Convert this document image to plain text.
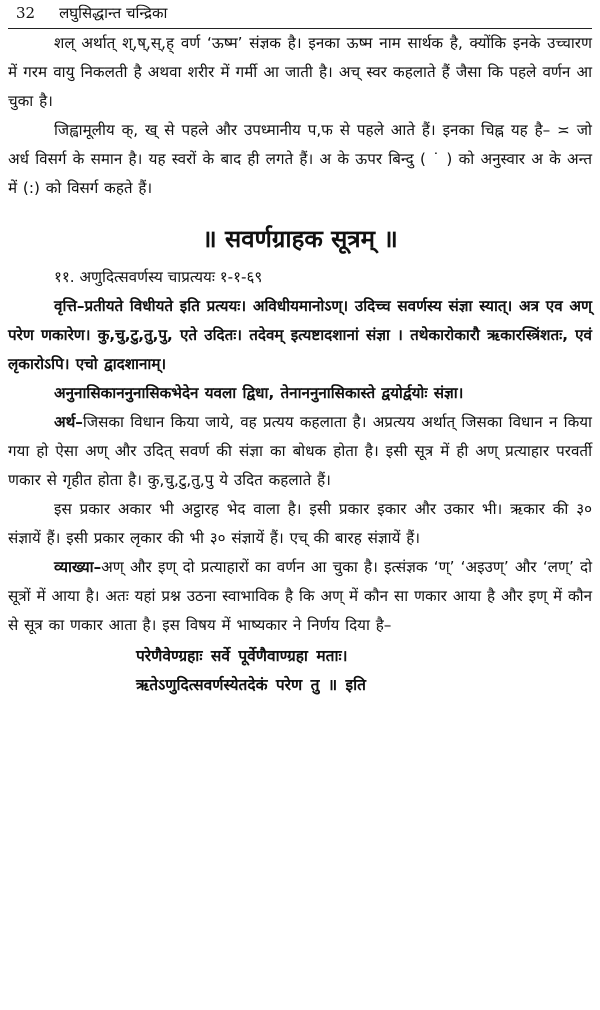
32 लघुसिद्धान्त चन्द्रिका

शल् अर्थात् श्,ष्,स्,ह् वर्ण ‘ऊष्म’ संज्ञक है। इनका ऊष्म नाम सार्थक है, क्योंकि इनके उच्चारण में गरम वायु निकलती है अथवा शरीर में गर्मी आ जाती है। अच् स्वर कहलाते हैं जैसा कि पहले वर्णन आ चुका है।

जिह्वामूलीय क्, ख् से पहले और उपध्मानीय प,फ से पहले आते हैं। इनका चिह्न यह है– ≍ जो अर्ध विसर्ग के समान है। यह स्वरों के बाद ही लगते हैं। अ के ऊपर बिन्दु ( ˙ ) को अनुस्वार अ के अन्त में (:) को विसर्ग कहते हैं।

॥ सवर्णग्राहक सूत्रम् ॥

११. अणुदित्सवर्णस्य चाप्रत्ययः १-१-६९

वृत्ति–प्रतीयते विधीयते इति प्रत्ययः। अविधीयमानोऽण्। उदिच्च सवर्णस्य संज्ञा स्यात्। अत्र एव अण् परेण णकारेण। कु,चु,टु,तु,पु, एते उदितः। तदेवम् इत्यष्टादशानां संज्ञा । तथेकारोकारौ ऋकारस्त्रिंशतः, एवं लृकारोऽपि। एचो द्वादशानाम्।

अनुनासिकाननुनासिकभेदेन यवला द्विधा, तेनाननुनासिकास्ते द्वयोर्द्वयोः संज्ञा।

अर्थ–जिसका विधान किया जाये, वह प्रत्यय कहलाता है। अप्रत्यय अर्थात् जिसका विधान न किया गया हो ऐसा अण् और उदित् सवर्ण की संज्ञा का बोधक होता है। इसी सूत्र में ही अण् प्रत्याहार परवर्ती णकार से गृहीत होता है। कु,चु,टु,तु,पु ये उदित कहलाते हैं।

इस प्रकार अकार भी अट्ठारह भेद वाला है। इसी प्रकार इकार और उकार भी। ऋकार की ३० संज्ञायें हैं। इसी प्रकार लृकार की भी ३० संज्ञायें हैं। एच् की बारह संज्ञायें हैं।

व्याख्या–अण् और इण् दो प्रत्याहारों का वर्णन आ चुका है। इत्संज्ञक ‘ण्’ ‘अइउण्’ और ‘लण्’ दो सूत्रों में आया है। अतः यहां प्रश्न उठना स्वाभाविक है कि अण् में कौन सा णकार आया है और इण् में कौन से सूत्र का णकार आता है। इस विषय में भाष्यकार ने निर्णय दिया है–

परेणैवेण्ग्रहाः सर्वे पूर्वेणैवाण्ग्रहा मताः।

ऋतेऽणुदित्सवर्णस्येतदेकं परेण तु ॥ इति
